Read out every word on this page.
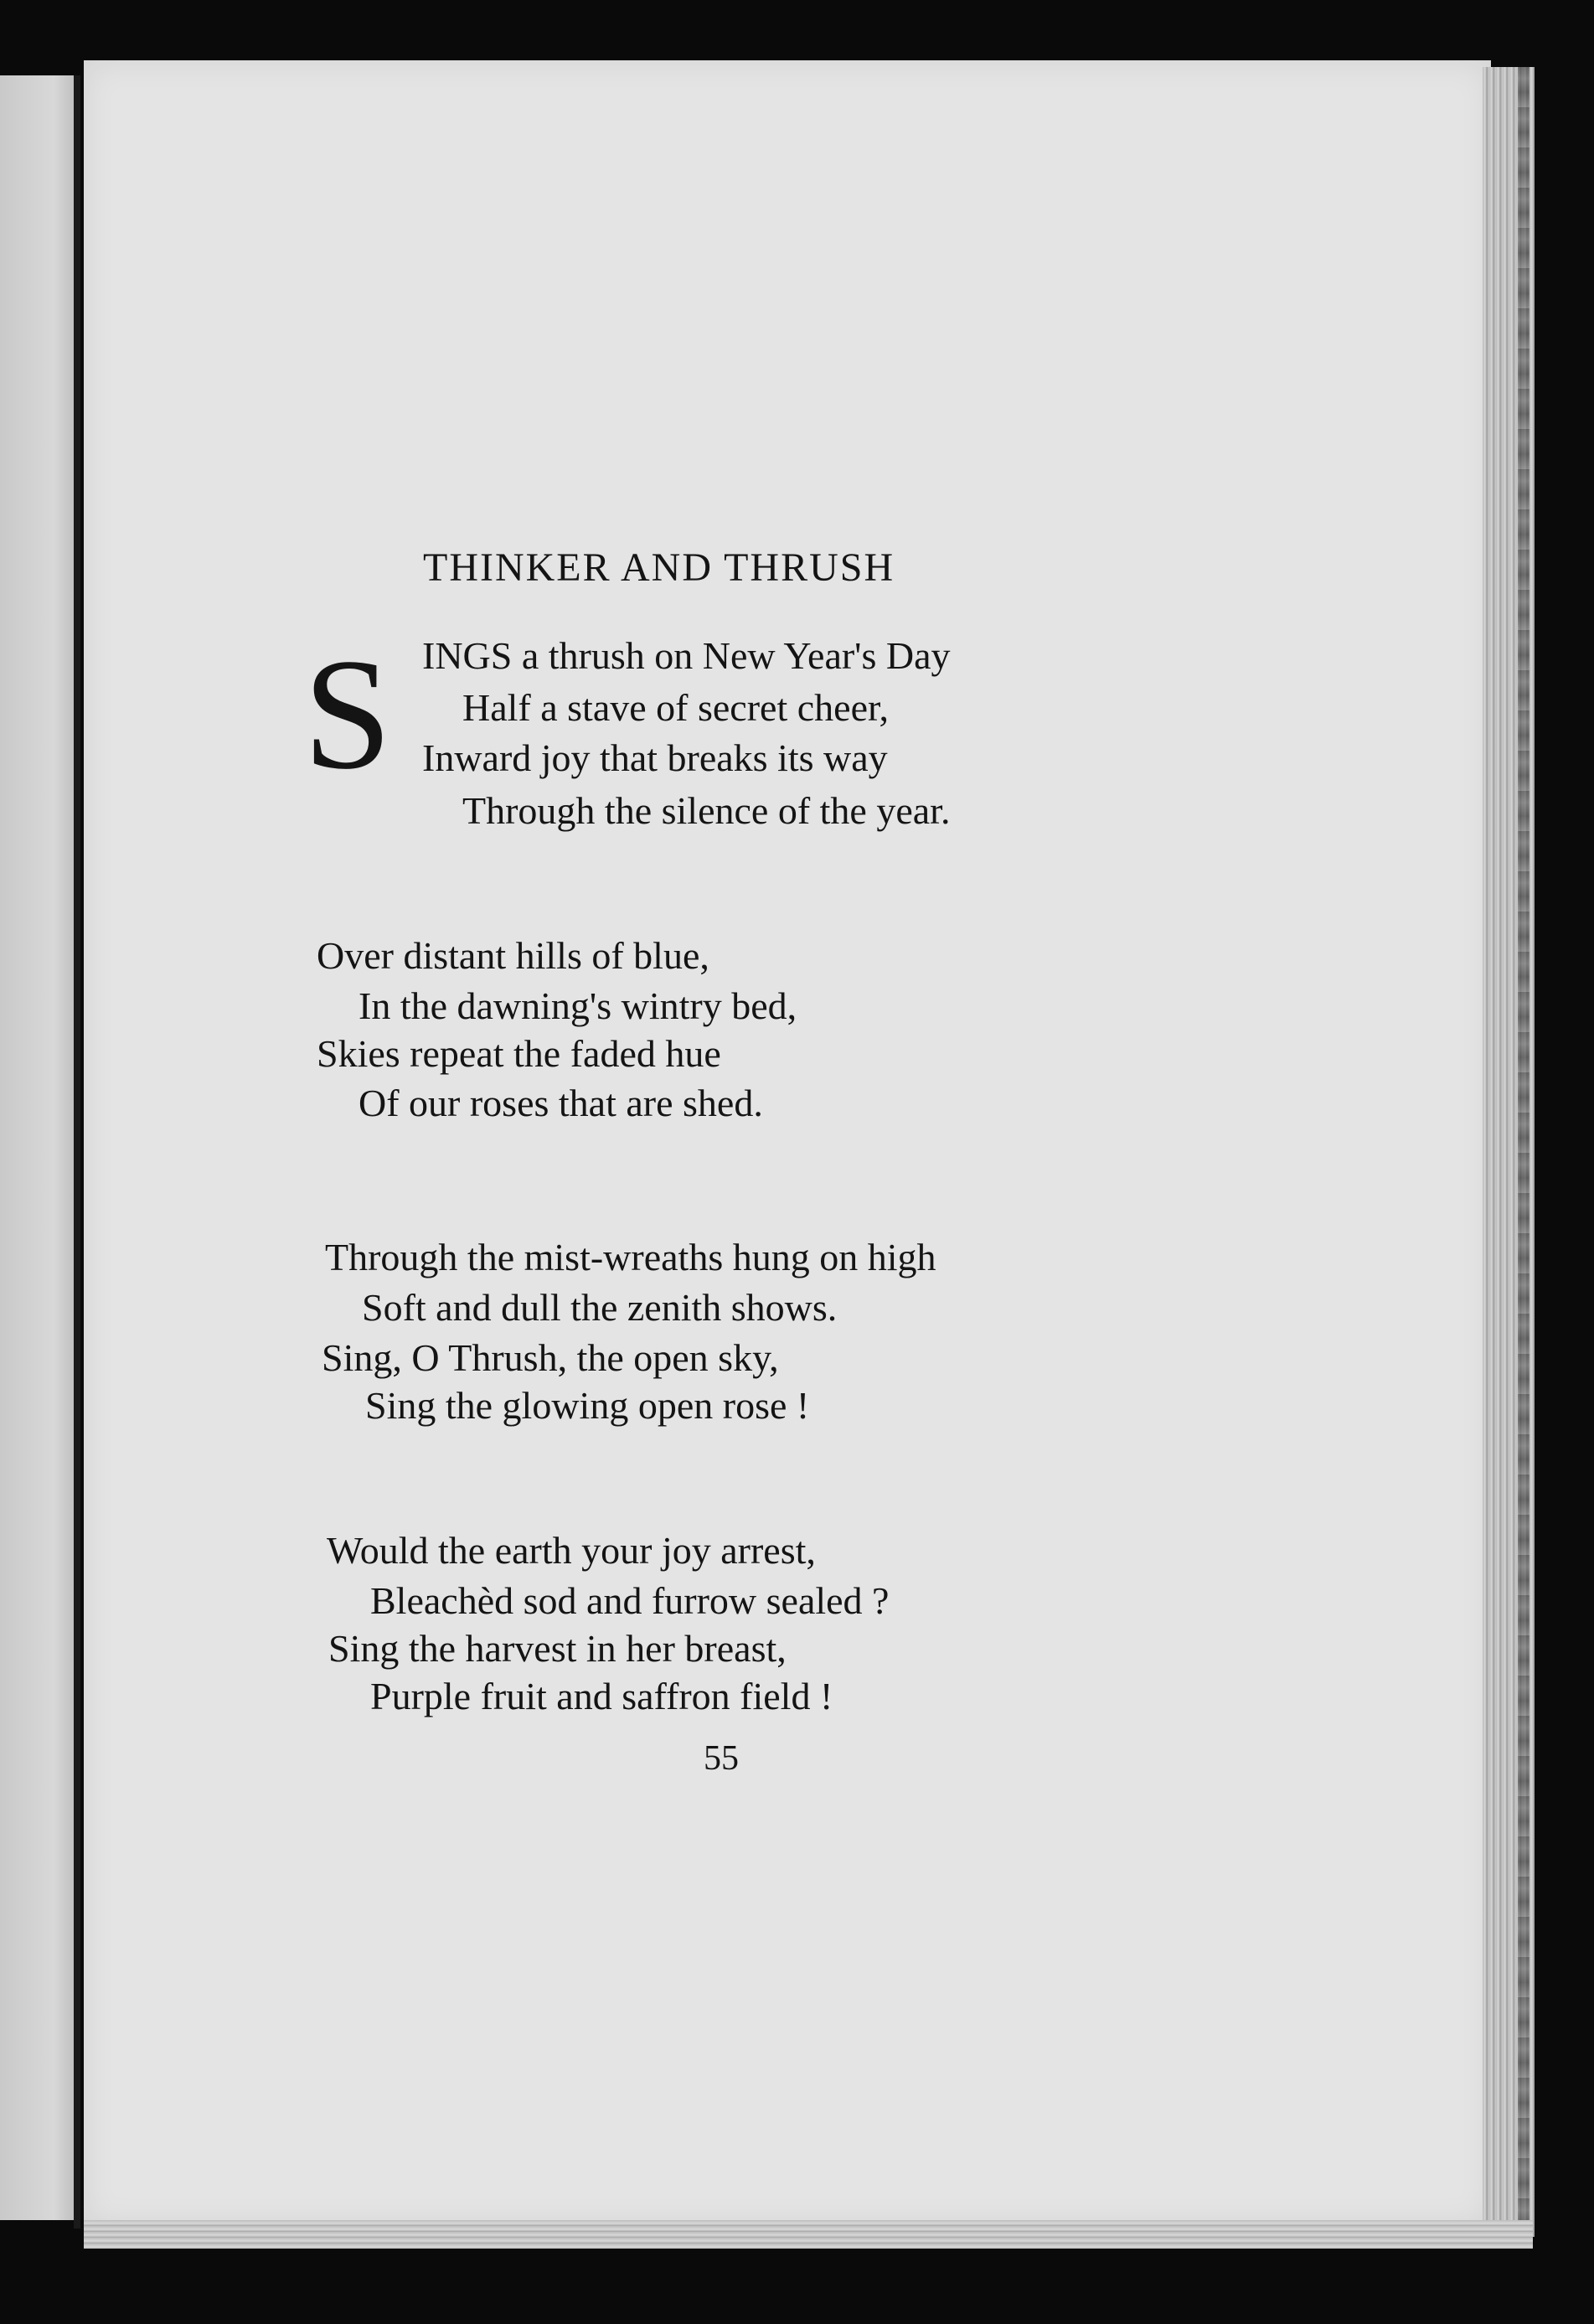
THINKER AND THRUSH
S INGS a thrush on New Year's Day
Half a stave of secret cheer,
Inward joy that breaks its way
Through the silence of the year.
Over distant hills of blue,
In the dawning's wintry bed,
Skies repeat the faded hue
Of our roses that are shed.
Through the mist-wreaths hung on high
Soft and dull the zenith shows.
Sing, O Thrush, the open sky,
Sing the glowing open rose !
Would the earth your joy arrest,
Bleachèd sod and furrow sealed ?
Sing the harvest in her breast,
Purple fruit and saffron field !
55
